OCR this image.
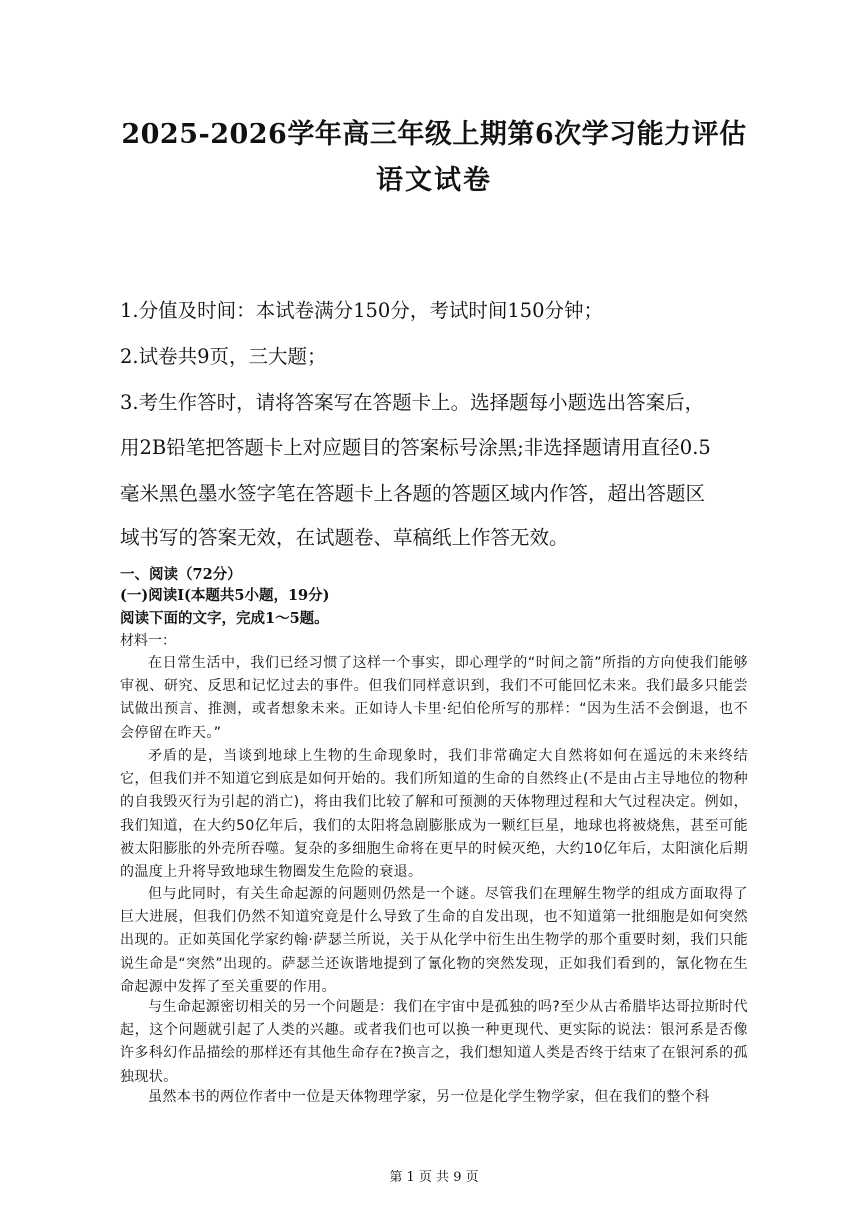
2025-2026学年高三年级上期第6次学习能力评估
语文试卷
1.分值及时间：本试卷满分150分，考试时间150分钟；
2.试卷共9页，三大题；
3.考生作答时，请将答案写在答题卡上。选择题每小题选出答案后，
用2B铅笔把答题卡上对应题目的答案标号涂黑;非选择题请用直径0.5
毫米黑色墨水签字笔在答题卡上各题的答题区域内作答，超出答题区
域书写的答案无效，在试题卷、草稿纸上作答无效。
一、阅读（72分）
(一)阅读Ⅰ(本题共5小题，19分)
阅读下面的文字，完成1～5题。
材料一：
在日常生活中，我们已经习惯了这样一个事实，即心理学的“时间之箭”所指的方向使我们能够审视、研究、反思和记忆过去的事件。但我们同样意识到，我们不可能回忆未来。我们最多只能尝试做出预言、推测，或者想象未来。正如诗人卡里·纪伯伦所写的那样：“因为生活不会倒退，也不会停留在昨天。”
矛盾的是，当谈到地球上生物的生命现象时，我们非常确定大自然将如何在遥远的未来终结它，但我们并不知道它到底是如何开始的。我们所知道的生命的自然终止(不是由占主导地位的物种的自我毁灭行为引起的消亡)，将由我们比较了解和可预测的天体物理过程和大气过程决定。例如，我们知道，在大约50亿年后，我们的太阳将急剧膨胀成为一颗红巨星，地球也将被烧焦，甚至可能被太阳膨胀的外壳所吞噬。复杂的多细胞生命将在更早的时候灭绝，大约10亿年后，太阳演化后期的温度上升将导致地球生物圈发生危险的衰退。
但与此同时，有关生命起源的问题则仍然是一个谜。尽管我们在理解生物学的组成方面取得了巨大进展，但我们仍然不知道究竟是什么导致了生命的自发出现，也不知道第一批细胞是如何突然出现的。正如英国化学家约翰·萨瑟兰所说，关于从化学中衍生出生物学的那个重要时刻，我们只能说生命是“突然”出现的。萨瑟兰还诙谐地提到了氰化物的突然发现，正如我们看到的，氰化物在生命起源中发挥了至关重要的作用。
与生命起源密切相关的另一个问题是：我们在宇宙中是孤独的吗?至少从古希腊毕达哥拉斯时代起，这个问题就引起了人类的兴趣。或者我们也可以换一种更现代、更实际的说法：银河系是否像许多科幻作品描绘的那样还有其他生命存在?换言之，我们想知道人类是否终于结束了在银河系的孤独现状。
虽然本书的两位作者中一位是天体物理学家，另一位是化学生物学家，但在我们的整个科
第 1 页 共 9 页
